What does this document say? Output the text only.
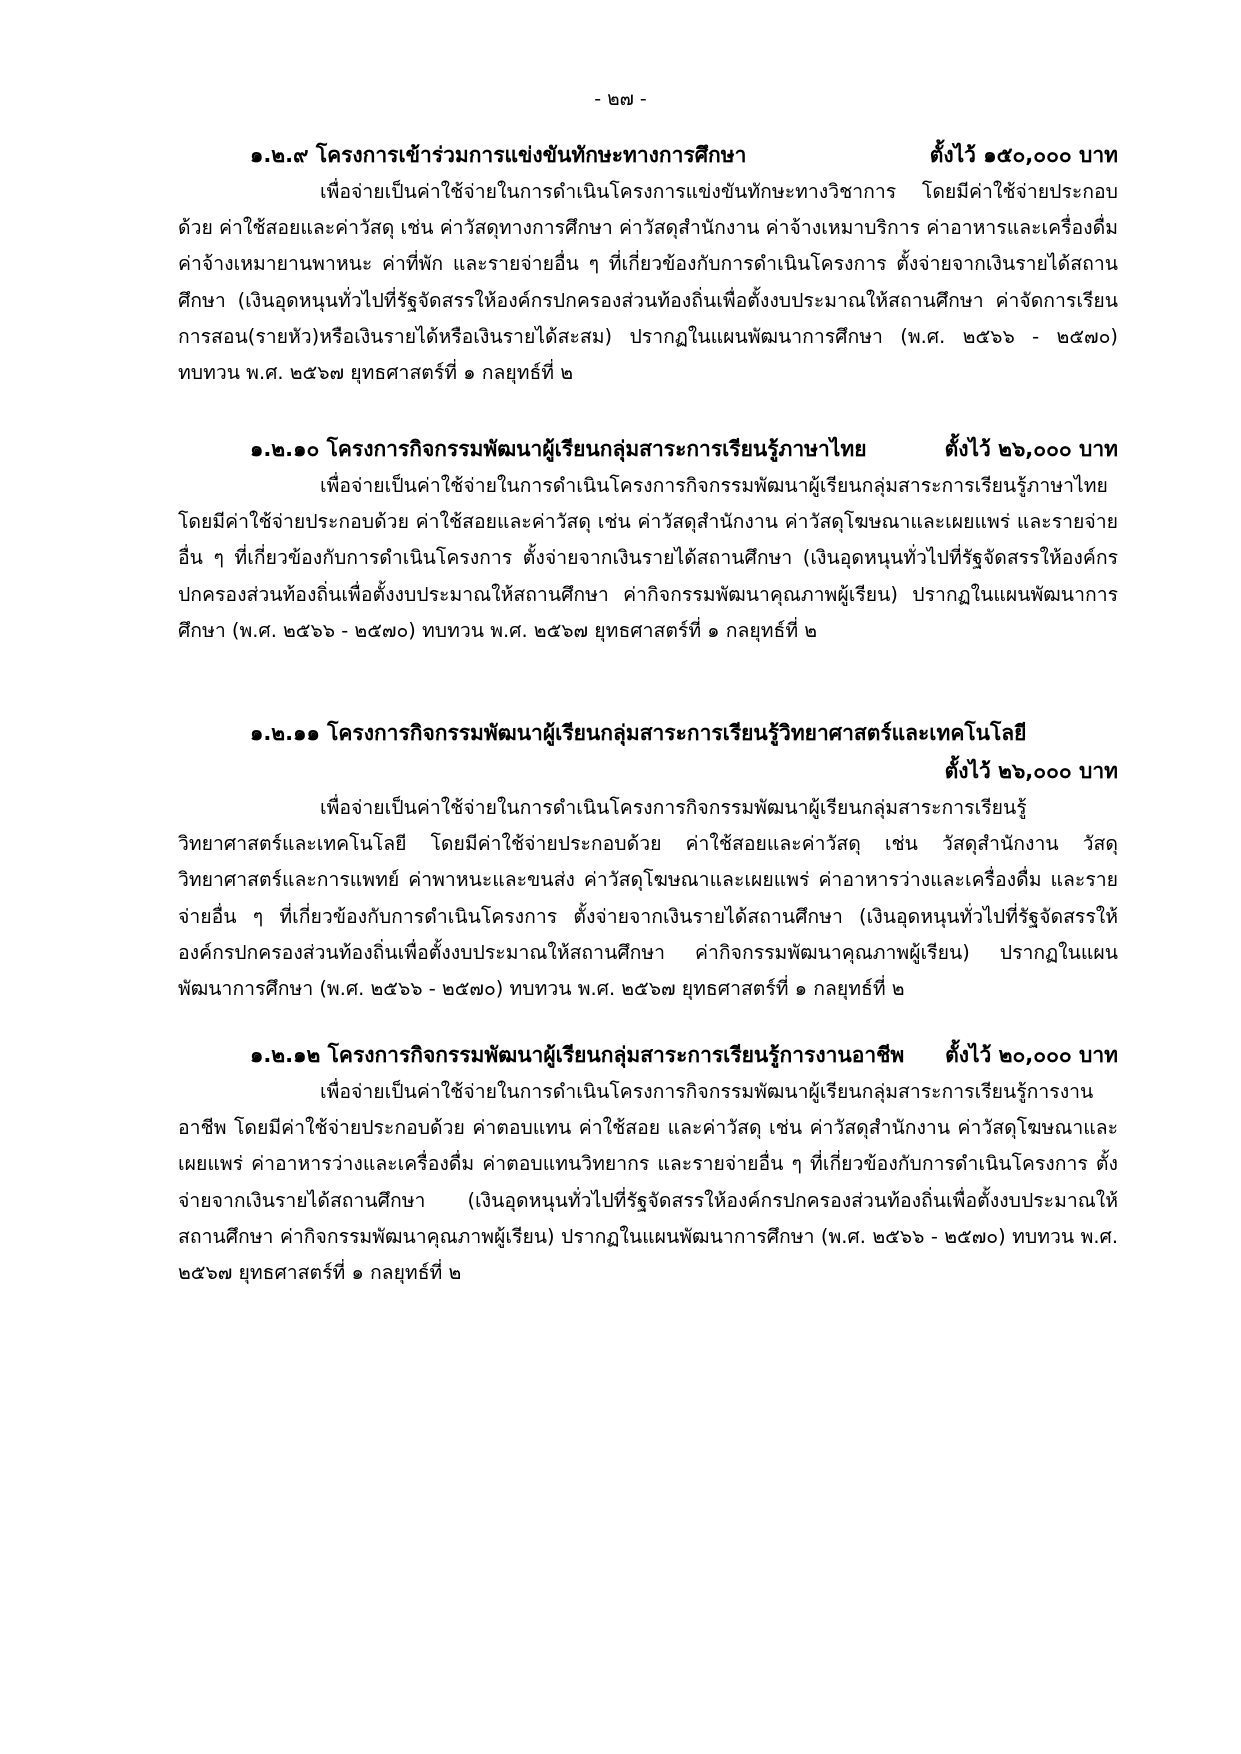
- ๒๗ -
๑.๒.๙ โครงการเข้าร่วมการแข่งขันทักษะทางการศึกษา	ตั้งไว้ ๑๕๐,๐๐๐ บาท

เพื่อจ่ายเป็นค่าใช้จ่ายในการดำเนินโครงการแข่งขันทักษะทางวิชาการ โดยมีค่าใช้จ่ายประกอบด้วย ค่าใช้สอยและค่าวัสดุ เช่น ค่าวัสดุทางการศึกษา ค่าวัสดุสำนักงาน ค่าจ้างเหมาบริการ ค่าอาหารและเครื่องดื่ม ค่าจ้างเหมายานพาหนะ ค่าที่พัก และรายจ่ายอื่น ๆ ที่เกี่ยวข้องกับการดำเนินโครงการ ตั้งจ่ายจากเงินรายได้สถานศึกษา (เงินอุดหนุนทั่วไปที่รัฐจัดสรรให้องค์กรปกครองส่วนท้องถิ่นเพื่อตั้งงบประมาณให้สถานศึกษา ค่าจัดการเรียนการสอน(รายหัว)หรือเงินรายได้หรือเงินรายได้สะสม) ปรากฏในแผนพัฒนาการศึกษา (พ.ศ. ๒๕๖๖ - ๒๕๗๐) ทบทวน พ.ศ. ๒๕๖๗ ยุทธศาสตร์ที่ ๑ กลยุทธ์ที่ ๒

๑.๒.๑๐ โครงการกิจกรรมพัฒนาผู้เรียนกลุ่มสาระการเรียนรู้ภาษาไทย	ตั้งไว้ ๒๖,๐๐๐ บาท

เพื่อจ่ายเป็นค่าใช้จ่ายในการดำเนินโครงการกิจกรรมพัฒนาผู้เรียนกลุ่มสาระการเรียนรู้ภาษาไทย โดยมีค่าใช้จ่ายประกอบด้วย ค่าใช้สอยและค่าวัสดุ เช่น ค่าวัสดุสำนักงาน ค่าวัสดุโฆษณาและเผยแพร่ และรายจ่ายอื่น ๆ ที่เกี่ยวข้องกับการดำเนินโครงการ ตั้งจ่ายจากเงินรายได้สถานศึกษา (เงินอุดหนุนทั่วไปที่รัฐจัดสรรให้องค์กรปกครองส่วนท้องถิ่นเพื่อตั้งงบประมาณให้สถานศึกษา ค่ากิจกรรมพัฒนาคุณภาพผู้เรียน) ปรากฏในแผนพัฒนาการศึกษา (พ.ศ. ๒๕๖๖ - ๒๕๗๐) ทบทวน พ.ศ. ๒๕๖๗ ยุทธศาสตร์ที่ ๑ กลยุทธ์ที่ ๒

๑.๒.๑๑ โครงการกิจกรรมพัฒนาผู้เรียนกลุ่มสาระการเรียนรู้วิทยาศาสตร์และเทคโนโลยี
ตั้งไว้ ๒๖,๐๐๐ บาท

เพื่อจ่ายเป็นค่าใช้จ่ายในการดำเนินโครงการกิจกรรมพัฒนาผู้เรียนกลุ่มสาระการเรียนรู้วิทยาศาสตร์และเทคโนโลยี โดยมีค่าใช้จ่ายประกอบด้วย ค่าใช้สอยและค่าวัสดุ เช่น วัสดุสำนักงาน วัสดุวิทยาศาสตร์และการแพทย์ ค่าพาหนะและขนส่ง ค่าวัสดุโฆษณาและเผยแพร่ ค่าอาหารว่างและเครื่องดื่ม และรายจ่ายอื่น ๆ ที่เกี่ยวข้องกับการดำเนินโครงการ ตั้งจ่ายจากเงินรายได้สถานศึกษา (เงินอุดหนุนทั่วไปที่รัฐจัดสรรให้องค์กรปกครองส่วนท้องถิ่นเพื่อตั้งงบประมาณให้สถานศึกษา ค่ากิจกรรมพัฒนาคุณภาพผู้เรียน) ปรากฏในแผนพัฒนาการศึกษา (พ.ศ. ๒๕๖๖ - ๒๕๗๐) ทบทวน พ.ศ. ๒๕๖๗ ยุทธศาสตร์ที่ ๑ กลยุทธ์ที่ ๒

๑.๒.๑๒ โครงการกิจกรรมพัฒนาผู้เรียนกลุ่มสาระการเรียนรู้การงานอาชีพ ตั้งไว้ ๒๐,๐๐๐ บาท

เพื่อจ่ายเป็นค่าใช้จ่ายในการดำเนินโครงการกิจกรรมพัฒนาผู้เรียนกลุ่มสาระการเรียนรู้การงานอาชีพ โดยมีค่าใช้จ่ายประกอบด้วย ค่าตอบแทน ค่าใช้สอย และค่าวัสดุ เช่น ค่าวัสดุสำนักงาน ค่าวัสดุโฆษณาและเผยแพร่ ค่าอาหารว่างและเครื่องดื่ม ค่าตอบแทนวิทยากร และรายจ่ายอื่น ๆ ที่เกี่ยวข้องกับการดำเนินโครงการ ตั้งจ่ายจากเงินรายได้สถานศึกษา (เงินอุดหนุนทั่วไปที่รัฐจัดสรรให้องค์กรปกครองส่วนท้องถิ่นเพื่อตั้งงบประมาณให้สถานศึกษา ค่ากิจกรรมพัฒนาคุณภาพผู้เรียน) ปรากฏในแผนพัฒนาการศึกษา (พ.ศ. ๒๕๖๖ - ๒๕๗๐) ทบทวน พ.ศ. ๒๕๖๗ ยุทธศาสตร์ที่ ๑ กลยุทธ์ที่ ๒
